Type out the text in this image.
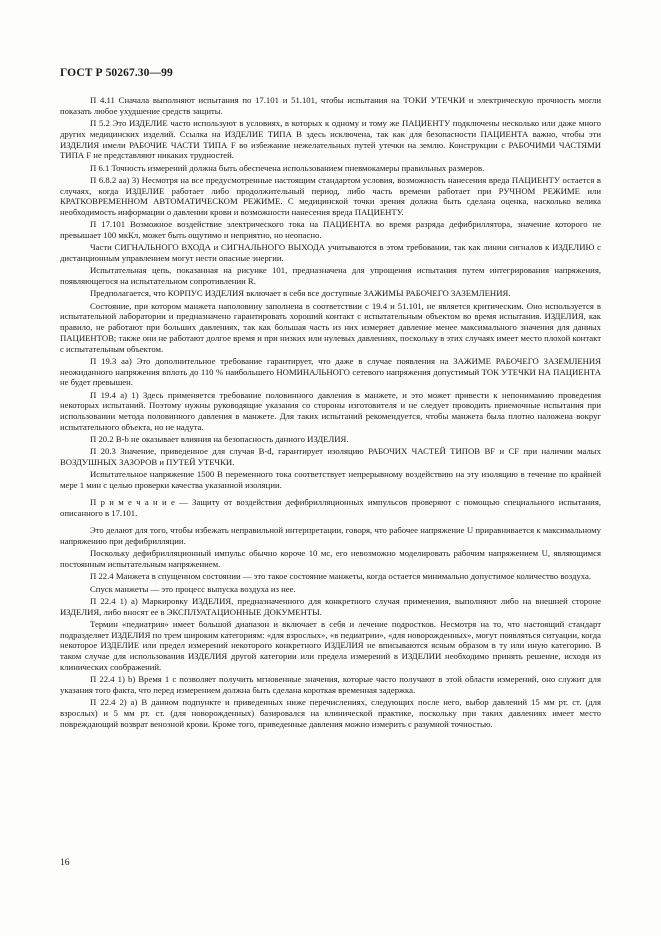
ГОСТ Р 50267.30—99

П 4.11 Сначала выполняют испытания по 17.101 и 51.101, чтобы испытания на ТОКИ УТЕЧКИ и электрическую прочность могли показать любое ухудшение средств защиты.

П 5.2 Это ИЗДЕЛИЕ часто используют в условиях, в которых к одному и тому же ПАЦИЕНТУ подключены несколько или даже много других медицинских изделий. Ссылка на ИЗДЕЛИЕ ТИПА В здесь исключена, так как для безопасности ПАЦИЕНТА важно, чтобы эти ИЗДЕЛИЯ имели РАБОЧИЕ ЧАСТИ ТИПА F во избежание нежелательных путей утечки на землю. Конструкции с РАБОЧИМИ ЧАСТЯМИ ТИПА F не представляют никаких трудностей.

П 6.1 Точность измерений должна быть обеспечена использованием пневмокамеры правильных размеров.

П 6.8.2 аа) 3) Несмотря на все предусмотренные настоящим стандартом условия, возможность нанесения вреда ПАЦИЕНТУ остается в случаях, когда ИЗДЕЛИЕ работает либо продолжительный период, либо часть времени работает при РУЧНОМ РЕЖИМЕ или КРАТКОВРЕМЕННОМ АВТОМАТИЧЕСКОМ РЕЖИМЕ. С медицинской точки зрения должна быть сделана оценка, насколько велика необходимость информации о давлении крови и возможности нанесения вреда ПАЦИЕНТУ.

П 17.101 Возможное воздействие электрического тока на ПАЦИЕНТА во время разряда дефибриллятора, значение которого не превышает 100 мкКл, может быть ощутимо и неприятно, но неопасно.

Части СИГНАЛЬНОГО ВХОДА и СИГНАЛЬНОГО ВЫХОДА учитываются в этом требовании, так как линии сигналов к ИЗДЕЛИЮ с дистанционным управлением могут нести опасные энергии.

Испытательная цепь, показанная на рисунке 101, предназначена для упрощения испытания путем интегрирования напряжения, появляющегося на испытательном сопротивлении R.

Предполагается, что КОРПУС ИЗДЕЛИЯ включает в себя все доступные ЗАЖИМЫ РАБОЧЕГО ЗАЗЕМЛЕНИЯ.

Состояние, при котором манжета наполовину заполнена в соответствии с 19.4 и 51.101, не является критическим. Оно используется в испытательной лаборатории и предназначено гарантировать хороший контакт с испытательным объектом во время испытания. ИЗДЕЛИЯ, как правило, не работают при больших давлениях, так как большая часть из них измеряет давление менее максимального значения для данных ПАЦИЕНТОВ; также они не работают долгое время и при низких или нулевых давлениях, поскольку в этих случаях имеет место плохой контакт с испытательным объектом.

П 19.3 аа) Это дополнительное требование гарантирует, что даже в случае появления на ЗАЖИМЕ РАБОЧЕГО ЗАЗЕМЛЕНИЯ неожиданного напряжения вплоть до 110 % наибольшего НОМИНАЛЬНОГО сетевого напряжения допустимый ТОК УТЕЧКИ НА ПАЦИЕНТА не будет превышен.

П 19.4 а) 1) Здесь применяется требование половинного давления в манжете, и это может привести к непониманию проведения некоторых испытаний. Поэтому нужны руководящие указания со стороны изготовителя и не следует проводить приемочные испытания при использовании метода половинного давления в манжете. Для таких испытаний рекомендуется, чтобы манжета была плотно наложена вокруг испытательного объекта, но не надута.

П 20.2 В-b не оказывает влияния на безопасность данного ИЗДЕЛИЯ.

П 20.3 Значение, приведенное для случая В-d, гарантирует изоляцию РАБОЧИХ ЧАСТЕЙ ТИПОВ BF и CF при наличии малых ВОЗДУШНЫХ ЗАЗОРОВ и ПУТЕЙ УТЕЧКИ.

Испытательное напряжение 1500 В переменного тока соответствует непрерывному воздействию на эту изоляцию в течение по крайней мере 1 мин с целью проверки качества указанной изоляции.

П р и м е ч а н и е — Защиту от воздействия дефибрилляционных импульсов проверяют с помощью специального испытания, описанного в 17.101.

Это делают для того, чтобы избежать неправильной интерпретации, говоря, что рабочее напряжение U приравнивается к максимальному напряжению при дефибрилляции.

Поскольку дефибрилляционный импульс обычно короче 10 мс, его невозможно моделировать рабочим напряжением U, являющимся постоянным испытательным напряжением.

П 22.4 Манжета в спущенном состоянии — это такое состояние манжеты, когда остается минимально допустимое количество воздуха.

Спуск манжеты — это процесс выпуска воздуха из нее.

П 22.4 1) а) Маркировку ИЗДЕЛИЯ, предназначенного для конкретного случая применения, выполняют либо на внешней стороне ИЗДЕЛИЯ, либо вносят ее в ЭКСПЛУАТАЦИОННЫЕ ДОКУМЕНТЫ.

Термин «педиатрия» имеет большой диапазон и включает в себя и лечение подростков. Несмотря на то, что настоящий стандарт подразделяет ИЗДЕЛИЯ по трем широким категориям: «для взрослых», «в педиатрии», «для новорожденных», могут появляться ситуации, когда некоторое ИЗДЕЛИЕ или предел измерений некоторого конкретного ИЗДЕЛИЯ не вписываются ясным образом в ту или иную категорию. В таком случае для использования ИЗДЕЛИЯ другой категории или предела измерений в ИЗДЕЛИИ необходимо принять решение, исходя из клинических соображений.

П 22.4 1) b) Время 1 с позволяет получить мгновенные значения, которые часто получают в этой области измерений, оно служит для указания того факта, что перед измерением должна быть сделана короткая временная задержка.

П 22.4 2) а) В данном подпункте и приведенных ниже перечислениях, следующих после него, выбор давлений 15 мм рт. ст. (для взрослых) и 5 мм рт. ст. (для новорожденных) базировался на клинической практике, поскольку при таких давлениях имеет место повреждающий возврат венозной крови. Кроме того, приведенные давления можно измерить с разумной точностью.

16
